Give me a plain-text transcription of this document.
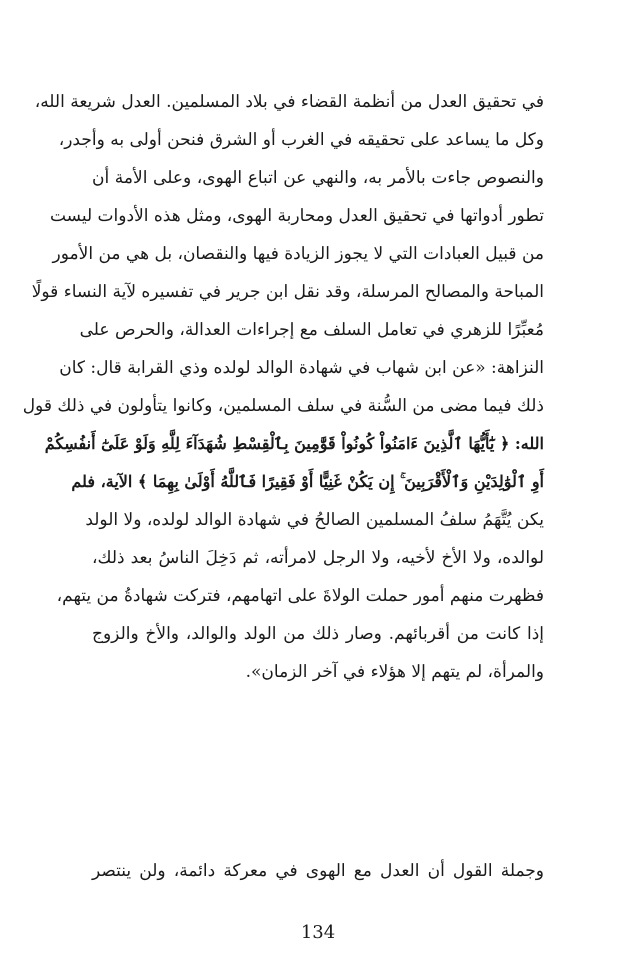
في تحقيق العدل من أنظمة القضاء في بلاد المسلمين. العدل شريعة الله،
وكل ما يساعد على تحقيقه في الغرب أو الشرق فنحن أولى به وأجدر،
والنصوص جاءت بالأمر به، والنهي عن اتباع الهوى، وعلى الأمة أن
تطور أدواتها في تحقيق العدل ومحاربة الهوى، ومثل هذه الأدوات ليست
من قبيل العبادات التي لا يجوز الزيادة فيها والنقصان، بل هي من الأمور
المباحة والمصالح المرسلة، وقد نقل ابن جرير في تفسيره لآية النساء قولًا
مُعبِّرًا للزهري في تعامل السلف مع إجراءات العدالة، والحرص على
النزاهة: «عن ابن شهاب في شهادة الوالد لولده وذي القرابة قال: كان
ذلك فيما مضى من السُّنة في سلف المسلمين، وكانوا يتأولون في ذلك قول
الله: ﴿ يَٰٓأَيُّهَا ٱلَّذِينَ ءَامَنُواْ كُونُواْ قَوَّٰمِينَ بِٱلْقِسْطِ شُهَدَآءَ لِلَّهِ وَلَوْ عَلَىٰٓ أَنفُسِكُمْ
أَوِ ٱلْوَٰلِدَيْنِ وَٱلْأَقْرَبِينَ ۚ إِن يَكُنْ غَنِيًّا أَوْ فَقِيرًا فَٱللَّهُ أَوْلَىٰ بِهِمَا ﴾ الآية، فلم
يكن يُتَّهَمُ سلفُ المسلمين الصالحُ في شهادة الوالد لولده، ولا الولد
لوالده، ولا الأخ لأخيه، ولا الرجل لامرأته، ثم دَخِلَ الناسُ بعد ذلك،
فظهرت منهم أمور حملت الولاةَ على اتهامهم، فتركت شهادةُ من يتهم،
إذا كانت من أقربائهم. وصار ذلك من الولد والوالد، والأخ والزوج
والمرأة، لم يتهم إلا هؤلاء في آخر الزمان».
وجملة القول أن العدل مع الهوى في معركة دائمة، ولن ينتصر
134
